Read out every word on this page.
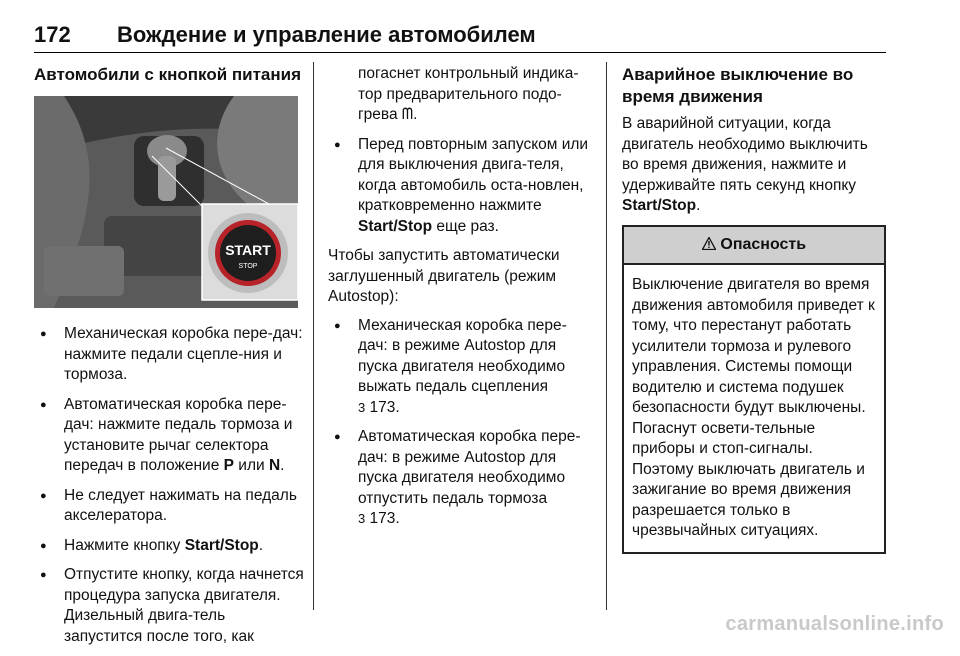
172 Вождение и управление автомобилем
Автомобили с кнопкой питания
START
STOP
● Механическая коробка пере-дач: нажмите педали сцепле-ния и тормоза.
● Автоматическая коробка пере-дач: нажмите педаль тормоза и установите рычаг селектора передач в положение P или N.
● Не следует нажимать на педаль акселератора.
● Нажмите кнопку Start/Stop.
● Отпустите кнопку, когда начнется процедура запуска двигателя. Дизельный двига-тель запустится после того, как
погаснет контрольный индика-тор предварительного подо-грева ᗰ.
● Перед повторным запуском или для выключения двига-теля, когда автомобиль оста-новлен, кратковременно нажмите Start/Stop еще раз.

Чтобы запустить автоматически заглушенный двигатель (режим Autostop):

● Механическая коробка пере-дач: в режиме Autostop для пуска двигателя необходимо выжать педаль сцепления
3 173.
● Автоматическая коробка пере-дач: в режиме Autostop для пуска двигателя необходимо отпустить педаль тормоза
3 173.
Аварийное выключение во время движения

В аварийной ситуации, когда двигатель необходимо выключить во время движения, нажмите и удерживайте пять секунд кнопку Start/Stop.

Опасность
Выключение двигателя во время движения автомобиля приведет к тому, что перестанут работать усилители тормоза и рулевого управления. Системы помощи водителю и система подушек безопасности будут выключены. Погаснут освети-тельные приборы и стоп-сигналы. Поэтому выключать двигатель и зажигание во время движения разрешается только в чрезвычайных ситуациях.
carmanualsonline.info
